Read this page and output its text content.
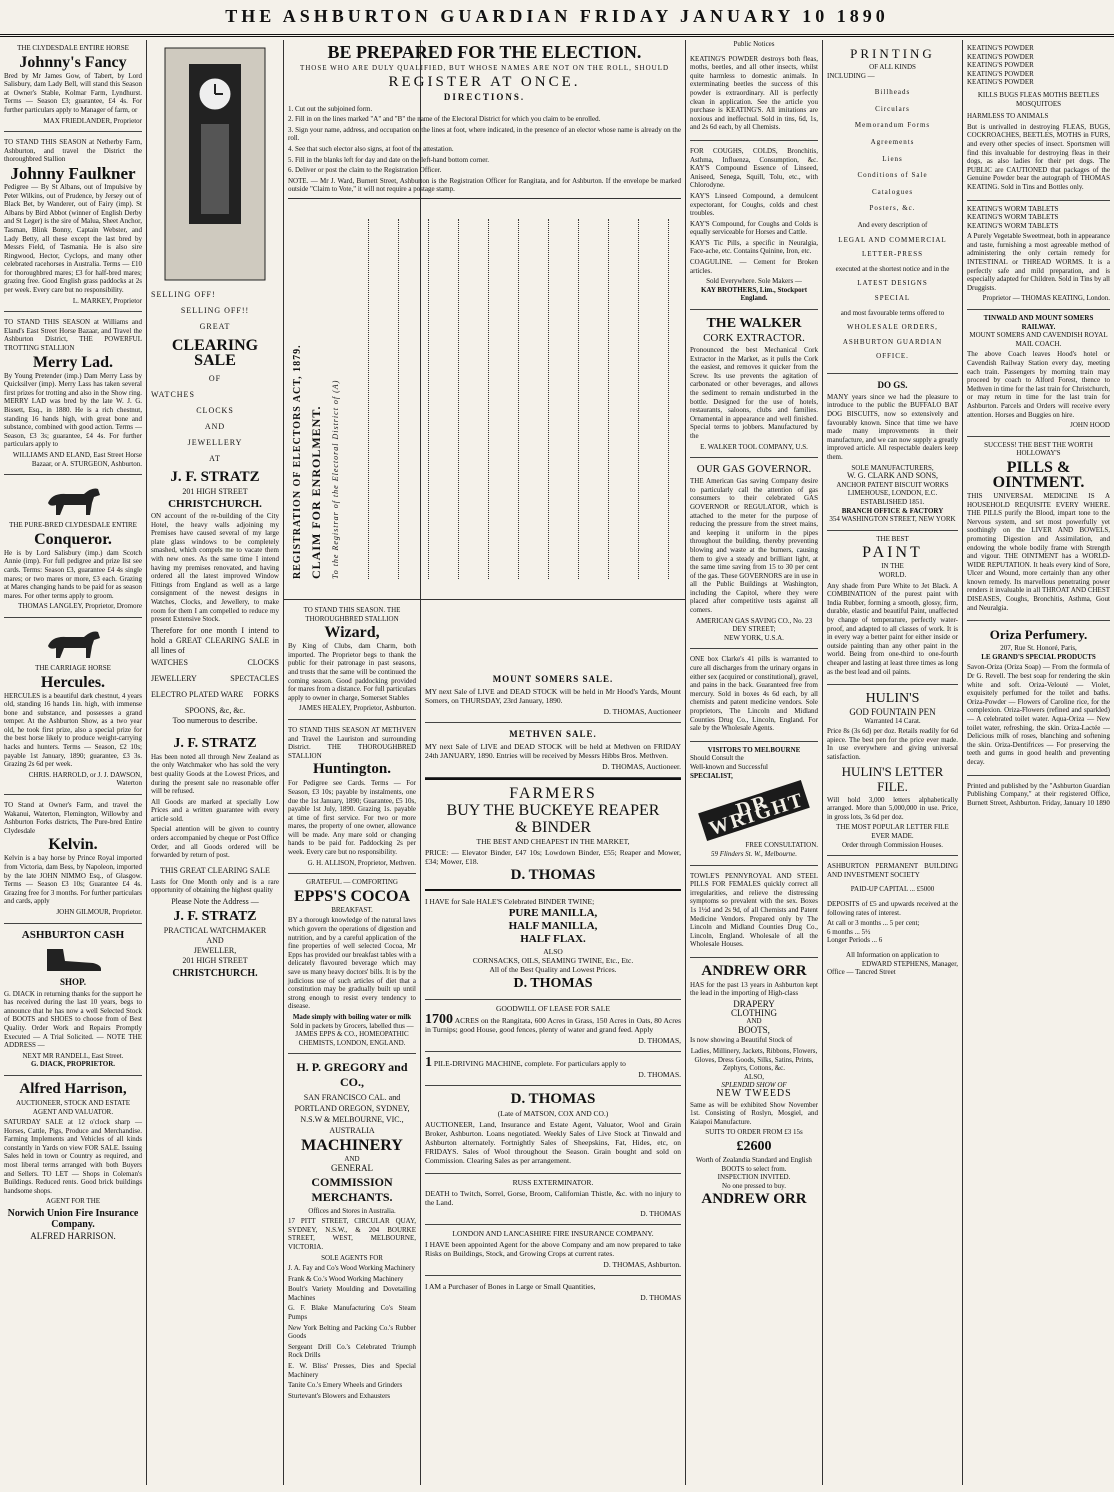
THE ASHBURTON GUARDIAN FRIDAY JANUARY 10 1890
THE CLYDESDALE ENTIRE HORSE
Johnny's Fancy
Bred by Mr James Gow, of Tabert, by Lord Salisbury, dam Lady Bell, will stand this Season at Owner's Stable, Kolmar Farm, Lyndhurst. Terms — Season £3; guarantee, £4 4s. For further particulars apply to Manager of farm, or
MAX FRIEDLANDER, Proprietor
TO STAND THIS SEASON at Netherby Farm, Ashburton, and travel the District the thoroughbred Stallion
Johnny Faulkner
Pedigree — By St Albans, out of Impulsive by Peter Wilkins, out of Prudence, by Jersey out of Black Bet, by Wanderer, out of Fairy (imp). St Albans by Bird Abbot (winner of English Derby and St Leger) is the sire of Malua, Sheet Anchor, Tasman, Blink Bonny, Captain Webster, and Lady Betty, all these except the last bred by Messrs Field, of Tasmania. He is also sire Ringwood, Hector, Cyclops, and many other celebrated racehorses in Australia. Terms — £10 for thoroughbred mares; £3 for half-bred mares; grazing free. Good English grass paddocks at 2s per week. Every care but no responsibility.
L. MARKEY, Proprietor
TO STAND THIS SEASON at Williams and Eland's East Street Horse Bazaar, and Travel the Ashburton District, THE POWERFUL TROTTING STALLION
Merry Lad.
By Young Pretender (imp.) Dam Merry Lass by Quicksilver (imp). Merry Lass has taken several first prizes for trotting and also in the Show ring. MERRY LAD was bred by the late W. J. G. Bissett, Esq., in 1880. He is a rich chestnut, standing 16 hands high, with great bone and substance, combined with good action. Terms — Season, £3 3s; guarantee, £4 4s. For further particulars apply to
WILLIAMS AND ELAND, East Street Horse Bazaar, or A. STURGEON, Ashburton.
THE PURE-BRED CLYDESDALE ENTIRE
Conqueror.
He is by Lord Salisbury (imp.) dam Scotch Annie (imp). For full pedigree and prize list see cards. Terms: Season £3, guarantee £4 4s single mares; or two mares or more, £3 each. Grazing at Mares changing hands to be paid for as season mares. For other terms apply to groom.
THOMAS LANGLEY, Proprietor, Dromore
THE CARRIAGE HORSE
Hercules.
HERCULES is a beautiful dark chestnut, 4 years old, standing 16 hands 1in. high, with immense bone and substance, and possesses a grand temper. At the Ashburton Show, as a two year old, he took first prize, also a special prize for the best horse likely to produce weight-carrying hacks and hunters. Terms — Season, £2 10s; payable 1st January, 1890; guarantee, £3 3s. Grazing 2s 6d per week.
CHRIS. HARROLD, or J. J. DAWSON, Waterton
TO Stand at Owner's Farm, and travel the Wakanui, Waterton, Flemington, Willowby and Ashburton Forks districts, The Pure-bred Entire Clydesdale
Kelvin.
Kelvin is a bay horse by Prince Royal imported from Victoria, dam Bess, by Napoleon, imported by the late JOHN NIMMO Esq., of Glasgow. Terms — Season £3 10s; Guarantee £4 4s. Grazing free for 3 months. For further particulars and cards, apply
JOHN GILMOUR, Proprietor.
ASHBURTON CASH
SHOP.
G. DIACK in returning thanks for the support he has received during the last 10 years, begs to announce that he has now a well Selected Stock of BOOTS and SHOES to choose from of Best Quality. Order Work and Repairs Promptly Executed — A Trial Solicited. — NOTE THE ADDRESS —
NEXT MR RANDELL, East Street.
G. DIACK, PROPRIETOR.
Alfred Harrison,
AUCTIONEER, STOCK AND ESTATE AGENT AND VALUATOR.
SATURDAY SALE at 12 o'clock sharp — Horses, Cattle, Pigs, Produce and Merchandise. Farming Implements and Vehicles of all kinds constantly in Yards on view FOR SALE. Issuing Sales held in town or Country as required, and most liberal terms arranged with both Buyers and Sellers. TO LET — Shops in Coleman's Buildings. Reduced rents. Good brick buildings handsome shops.
AGENT FOR THE
Norwich Union Fire Insurance Company.
ALFRED HARRISON.
SELLING OFF!
SELLING OFF!!
GREAT
CLEARING SALE
OF
WATCHES
CLOCKS
AND
JEWELLERY
AT
J. F. STRATZ
201 HIGH STREET
CHRISTCHURCH.
ON account of the re-building of the City Hotel, the heavy walls adjoining my Premises have caused several of my large plate glass windows to be completely smashed, which compels me to vacate them with new ones. As the same time I intend having my premises renovated, and having ordered all the latest improved Window Fittings from England as well as a large consignment of the newest designs in Watches, Clocks, and Jewellery, to make room for them I am compelled to reduce my present Extensive Stock.
Therefore for one month I intend to hold a GREAT CLEARING SALE in all lines of
WATCHES	CLOCKS
JEWELLERY	SPECTACLES
ELECTRO PLATED WARE FORKS
SPOONS, &c, &c.
Too numerous to describe.
J. F. STRATZ
Has been noted all through New Zealand as the only Watchmaker who has sold the very best quality Goods at the Lowest Prices, and during the present sale no reasonable offer will be refused.
All Goods are marked at specially Low Prices and a written guarantee with every article sold.
Special attention will be given to country orders accompanied by cheque or Post Office Order, and all Goods ordered will be forwarded by return of post.
THIS GREAT CLEARING SALE
Lasts for One Month only and is a rare opportunity of obtaining the highest quality
Please Note the Address —
J. F. STRATZ
PRACTICAL WATCHMAKER
AND
JEWELLER,
201 HIGH STREET
CHRISTCHURCH.
BE PREPARED FOR THE ELECTION.
THOSE WHO ARE DULY QUALIFIED, BUT WHOSE NAMES ARE NOT ON THE ROLL, SHOULD
REGISTER AT ONCE.
DIRECTIONS.
1. Cut out the subjoined form.
2. Fill in on the lines marked "A" and "B" the name of the Electoral District for which you claim to be enrolled.
3. Sign your name, address, and occupation on the lines at foot, where indicated, in the presence of an elector whose name is already on the roll.
4. See that such elector also signs, at foot of the attestation.
5. Fill in the blanks left for day and date on the left-hand bottom corner.
6. Deliver or post the claim to the Registration Officer.
NOTE. — Mr J. Ward, Burnett Street, Ashburton is the Registration Officer for Rangitata, and for Ashburton. If the envelope be marked outside "Claim to Vote," it will not require a postage stamp.
REGISTRATION OF ELECTORS ACT, 1879. CLAIM FOR ENROLMENT. To the Registrar of the Electoral District of (A)
TO STAND THIS SEASON. THE THOROUGHBRED STALLION
Wizard,
By King of Clubs, dam Charm, both imported. The Proprietor begs to thank the public for their patronage in past seasons, and trusts that the same will be continued the coming season. Good paddocking provided for mares from a distance. For full particulars apply to owner in charge, Somerset Stables
JAMES HEALEY, Proprietor, Ashburton.
TO STAND THIS SEASON AT METHVEN and Travel the Lauriston and surrounding District. THE THOROUGHBRED STALLION
Huntington.
For Pedigree see Cards. Terms — For Season, £3 10s; payable by instalments, one due the 1st January, 1890; Guarantee, £5 10s, payable 1st July, 1890. Grazing 1s. payable at time of first service. For two or more mares, the property of one owner, allowance will be made. Any mare sold or changing hands to be paid for. Paddocking 2s per week. Every care but no responsibility.
G. H. ALLISON, Proprietor, Methven.
GRATEFUL — COMFORTING
EPPS'S COCOA
BREAKFAST.
BY a thorough knowledge of the natural laws which govern the operations of digestion and nutrition, and by a careful application of the fine properties of well selected Cocoa, Mr Epps has provided our breakfast tables with a delicately flavoured beverage which may save us many heavy doctors' bills. It is by the judicious use of such articles of diet that a constitution may be gradually built up until strong enough to resist every tendency to disease.
Made simply with boiling water or milk
Sold in packets by Grocers, labelled thus —
JAMES EPPS & CO., HOMEOPATHIC CHEMISTS, LONDON, ENGLAND.
H. P. GREGORY and CO.,
SAN FRANCISCO CAL. and PORTLAND OREGON, SYDNEY, N.S.W & MELBOURNE, VIC., AUSTRALIA
MACHINERY
AND
GENERAL
COMMISSION MERCHANTS.
Offices and Stores in Australia.
17 PITT STREET, CIRCULAR QUAY, SYDNEY, N.S.W., & 204 BOURKE STREET, WEST, MELBOURNE, VICTORIA.
SOLE AGENTS FOR
J. A. Fay and Co's Wood Working Machinery
Frank & Co.'s Wood Working Machinery
Boult's Variety Moulding and Dovetailing Machines
G. F. Blake Manufacturing Co's Steam Pumps
New York Belting and Packing Co.'s Rubber Goods
Sergeant Drill Co.'s Celebrated Triumph Rock Drills
E. W. Bliss' Presses, Dies and Special Machinery
Tanite Co.'s Emery Wheels and Grinders
Sturtevant's Blowers and Exhausters
MOUNT SOMERS SALE.
MY next Sale of LIVE and DEAD STOCK will be held in Mr Hood's Yards, Mount Somers, on THURSDAY, 23rd January, 1890.
D. THOMAS, Auctioneer
METHVEN SALE.
MY next Sale of LIVE and DEAD STOCK will be held at Methven on FRIDAY 24th JANUARY, 1890. Entries will be received by Messrs Hibbs Bros. Methven.
D. THOMAS, Auctioneer.
FARMERS
BUY THE BUCKEYE REAPER
& BINDER
THE BEST AND CHEAPEST IN THE MARKET,
PRICE: — Elevator Binder, £47 10s; Lowdown Binder, £55; Reaper and Mower, £34; Mower, £18.
D. THOMAS
I HAVE for Sale HALE'S Celebrated BINDER TWINE;
PURE MANILLA,
HALF MANILLA,
HALF FLAX.
ALSO
CORNSACKS, OILS, SEAMING TWINE, Etc., Etc.
All of the Best Quality and Lowest Prices.
D. THOMAS
GOODWILL OF LEASE FOR SALE
1700 ACRES on the Rangitata, 600 Acres in Grass, 150 Acres in Oats, 80 Acres in Turnips; good House, good fences, plenty of water and grand feed. Apply
D. THOMAS,
1 PILE-DRIVING MACHINE, complete. For particulars apply to
D. THOMAS.
D. THOMAS
(Late of MATSON, COX AND CO.)
AUCTIONEER, Land, Insurance and Estate Agent, Valuator, Wool and Grain Broker, Ashburton. Loans negotiated. Weekly Sales of Live Stock at Tinwald and Ashburton alternately. Fortnightly Sales of Sheepskins, Fat, Hides, etc, on FRIDAYS. Sales of Wool throughout the Season. Grain bought and sold on Commission. Clearing Sales as per arrangement.
RUSS EXTERMINATOR.
DEATH to Twitch, Sorrel, Gorse, Broom, Californian Thistle, &c. with no injury to the Land.
D. THOMAS
LONDON AND LANCASHIRE FIRE INSURANCE COMPANY.
I HAVE been appointed Agent for the above Company and am now prepared to take Risks on Buildings, Stock, and Growing Crops at current rates.
D. THOMAS, Ashburton.
I AM a Purchaser of Bones in Large or Small Quantities,
D. THOMAS
Public Notices
KEATING'S POWDER destroys both fleas, moths, beetles, and all other insects, whilst quite harmless to domestic animals. In exterminating beetles the success of this powder is extraordinary. All is perfectly clean in application. See the article you purchase is KEATING'S. All imitations are noxious and ineffectual. Sold in tins, 6d, 1s, and 2s 6d each, by all Chemists.
FOR COUGHS, COLDS, Bronchitis, Asthma, Influenza, Consumption, &c. KAY'S Compound Essence of Linseed, Aniseed, Senega, Squill, Tolu, etc., with Chlorodyne.
KAY'S Linseed Compound, a demulcent expectorant, for Coughs, colds and chest troubles.
KAY'S Compound, for Coughs and Colds is equally serviceable for Horses and Cattle.
KAY'S Tic Pills, a specific in Neuralgia, Face-ache, etc. Contains Quinine, Iron, etc.
COAGULINE. — Cement for Broken articles.
Sold Everywhere. Sole Makers —
KAY BROTHERS, Lim., Stockport England.
THE WALKER
CORK EXTRACTOR.
Pronounced the best Mechanical Cork Extractor in the Market, as it pulls the Cork the easiest, and removes it quicker from the Screw. Its use prevents the agitation of carbonated or other beverages, and allows the sediment to remain undisturbed in the bottle. Designed for the use of hotels, restaurants, saloons, clubs and families. Ornamental in appearance and well finished. Special terms to jobbers. Manufactured by the
E. WALKER TOOL COMPANY, U.S.
OUR GAS GOVERNOR.
THE American Gas saving Company desire to particularly call the attention of gas consumers to their celebrated GAS GOVERNOR or REGULATOR, which is attached to the meter for the purpose of reducing the pressure from the street mains, and keeping it uniform in the pipes throughout the building, thereby preventing blowing and waste at the burners, causing them to give a steady and brilliant light, at the same time saving from 15 to 30 per cent of the gas. These GOVERNORS are in use in all the Public Buildings at Washington, including the Capitol, where they were placed after competitive tests against all comers.
AMERICAN GAS SAVING CO., No. 23 DEY STREET;
NEW YORK, U.S.A.
ONE box Clarke's 41 pills is warranted to cure all discharges from the urinary organs in either sex (acquired or constitutional), gravel, and pains in the back. Guaranteed free from mercury. Sold in boxes 4s 6d each, by all chemists and patent medicine vendors. Sole proprietors, The Lincoln and Midland Counties Drug Co., Lincoln, England. For sale by the Wholesale Agents.
VISITORS TO MELBOURNE
Should Consult the
Well-known and Successful
SPECIALIST,
DR WRIGHT
FREE CONSULTATION.
59 Flinders St. W., Melbourne.
TOWLE'S PENNYROYAL AND STEEL PILLS FOR FEMALES quickly correct all irregularities, and relieve the distressing symptoms so prevalent with the sex. Boxes 1s 1½d and 2s 9d, of all Chemists and Patent Medicine Vendors. Prepared only by The Lincoln and Midland Counties Drug Co., Lincoln, England. Wholesale of all the Wholesale Houses.
ANDREW ORR
HAS for the past 13 years in Ashburton kept the lead in the importing of High-class
DRAPERY
CLOTHING
AND
BOOTS,
Is now showing a Beautiful Stock of
Ladies, Millinery, Jackets, Ribbons, Flowers, Gloves, Dress Goods, Silks, Satins, Prints, Zephyrs, Cottons, &c.
ALSO,
SPLENDID SHOW OF
NEW TWEEDS
Same as will be exhibited Show November 1st. Consisting of Roslyn, Mosgiel, and Kaiapoi Manufacture.
SUITS TO ORDER FROM £3 15s
£2600
Worth of Zealandia Standard and English BOOTS to select from.
INSPECTION INVITED.
No one pressed to buy.
ANDREW ORR
PRINTING
OF ALL KINDS
INCLUDING —
Billheads
Circulars
Memorandum Forms
Agreements
Liens
Conditions of Sale
Catalogues
Posters, &c.
And every description of
LEGAL AND COMMERCIAL
LETTER-PRESS
executed at the shortest notice and in the
LATEST DESIGNS
SPECIAL
and most favourable terms offered to
WHOLESALE ORDERS,
ASHBURTON GUARDIAN
OFFICE.
DO GS.
MANY years since we had the pleasure to introduce to the public the BUFFALO BAT DOG BISCUITS, now so extensively and favourably known. Since that time we have made many improvements in their manufacture, and we can now supply a greatly improved article. All respectable dealers keep them.
SOLE MANUFACTURERS,
W. G. CLARK AND SONS,
ANCHOR PATENT BISCUIT WORKS LIMEHOUSE, LONDON, E.C. ESTABLISHED 1851.
BRANCH OFFICE & FACTORY
354 WASHINGTON STREET, NEW YORK
THE BEST
PAINT
IN THE
WORLD.
Any shade from Pure White to Jet Black. A COMBINATION of the purest paint with India Rubber, forming a smooth, glossy, firm, durable, elastic and beautiful Paint, unaffected by change of temperature, perfectly water-proof, and adapted to all classes of work. It is in every way a better paint for either inside or outside painting than any other paint in the world. Being from one-third to one-fourth cheaper and lasting at least three times as long as the best lead and oil paints.
HULIN'S
GOD FOUNTAIN PEN
Warranted 14 Carat.
Price 8s (3s 6d) per doz. Retails readily for 6d apiece. The best pen for the price ever made. In use everywhere and giving universal satisfaction.
HULIN'S LETTER FILE.
Will hold 3,000 letters alphabetically arranged. More than 5,000,000 in use. Price, in gross lots, 3s 6d per doz.
THE MOST POPULAR LETTER FILE EVER MADE.
Order through Commission Houses.
ASHBURTON PERMANENT BUILDING AND INVESTMENT SOCIETY
PAID-UP CAPITAL ... £5000
DEPOSITS of £5 and upwards received at the following rates of interest.
At call or 3 months ... 5 per cent;
6 months ... 5½
Longer Periods ... 6
All Information on application to
EDWARD STEPHENS, Manager,
Office — Tancred Street
KEATING'S POWDER
KEATING'S POWDER
KEATING'S POWDER
KEATING'S POWDER
KEATING'S POWDER
KILLS BUGS FLEAS MOTHS BEETLES MOSQUITOES
HARMLESS TO ANIMALS
But is unrivalled in destroying FLEAS, BUGS, COCKROACHES, BEETLES, MOTHS in FURS, and every other species of insect. Sportsmen will find this invaluable for destroying fleas in their dogs, as also ladies for their pet dogs. The PUBLIC are CAUTIONED that packages of the Genuine Powder bear the autograph of THOMAS KEATING. Sold in Tins and Bottles only.
KEATING'S WORM TABLETS
KEATING'S WORM TABLETS
KEATING'S WORM TABLETS
A Purely Vegetable Sweetmeat, both in appearance and taste, furnishing a most agreeable method of administering the only certain remedy for INTESTINAL or THREAD WORMS. It is a perfectly safe and mild preparation, and is especially adapted for Children. Sold in Tins by all Druggists.
Proprietor — THOMAS KEATING, London.
TINWALD AND MOUNT SOMERS RAILWAY.
MOUNT SOMERS AND CAVENDISH ROYAL MAIL COACH.
The above Coach leaves Hood's hotel or Cavendish Railway Station every day, meeting each train. Passengers by morning train may proceed by coach to Alford Forest, thence to Methven in time for the last train for Christchurch, or may return in time for the last train for Ashburton. Parcels and Orders will receive every attention. Horses and Buggies on hire.
JOHN HOOD
SUCCESS! THE BEST THE WORTH
HOLLOWAY'S
PILLS & OINTMENT.
THIS UNIVERSAL MEDICINE IS A HOUSEHOLD REQUISITE EVERY WHERE. THE PILLS purify the Blood, impart tone to the Nervous system, and set most powerfully yet soothingly on the LIVER AND BOWELS, promoting Digestion and Assimilation, and endowing the whole bodily frame with Strength and vigour. THE OINTMENT has a WORLD-WIDE REPUTATION. It heals every kind of Sore, Ulcer and Wound, more certainly than any other known remedy. Its marvellous penetrating power renders it invaluable in all THROAT AND CHEST DISEASES, Coughs, Bronchitis, Asthma, Gout and Neuralgia.
Oriza Perfumery.
207, Rue St. Honoré, Paris,
LE GRAND'S SPECIAL PRODUCTS
Savon-Oriza (Oriza Soap) — From the formula of Dr G. Revell. The best soap for rendering the skin white and soft. Oriza-Velouté — Violet, exquisitely perfumed for the toilet and baths. Oriza-Powder — Flowers of Caroline rice, for the complexion. Oriza-Flowers (refined and sparkled) — A celebrated toilet water. Aqua-Oriza — New toilet water, refreshing, the skin. Oriza-Lactée — Delicious milk of roses, blanching and softening the skin. Oriza-Dentifrices — For preserving the teeth and gums in good health and preventing decay.
Printed and published by the "Ashburton Guardian Publishing Company," at their registered Office, Burnett Street, Ashburton. Friday, January 10 1890
